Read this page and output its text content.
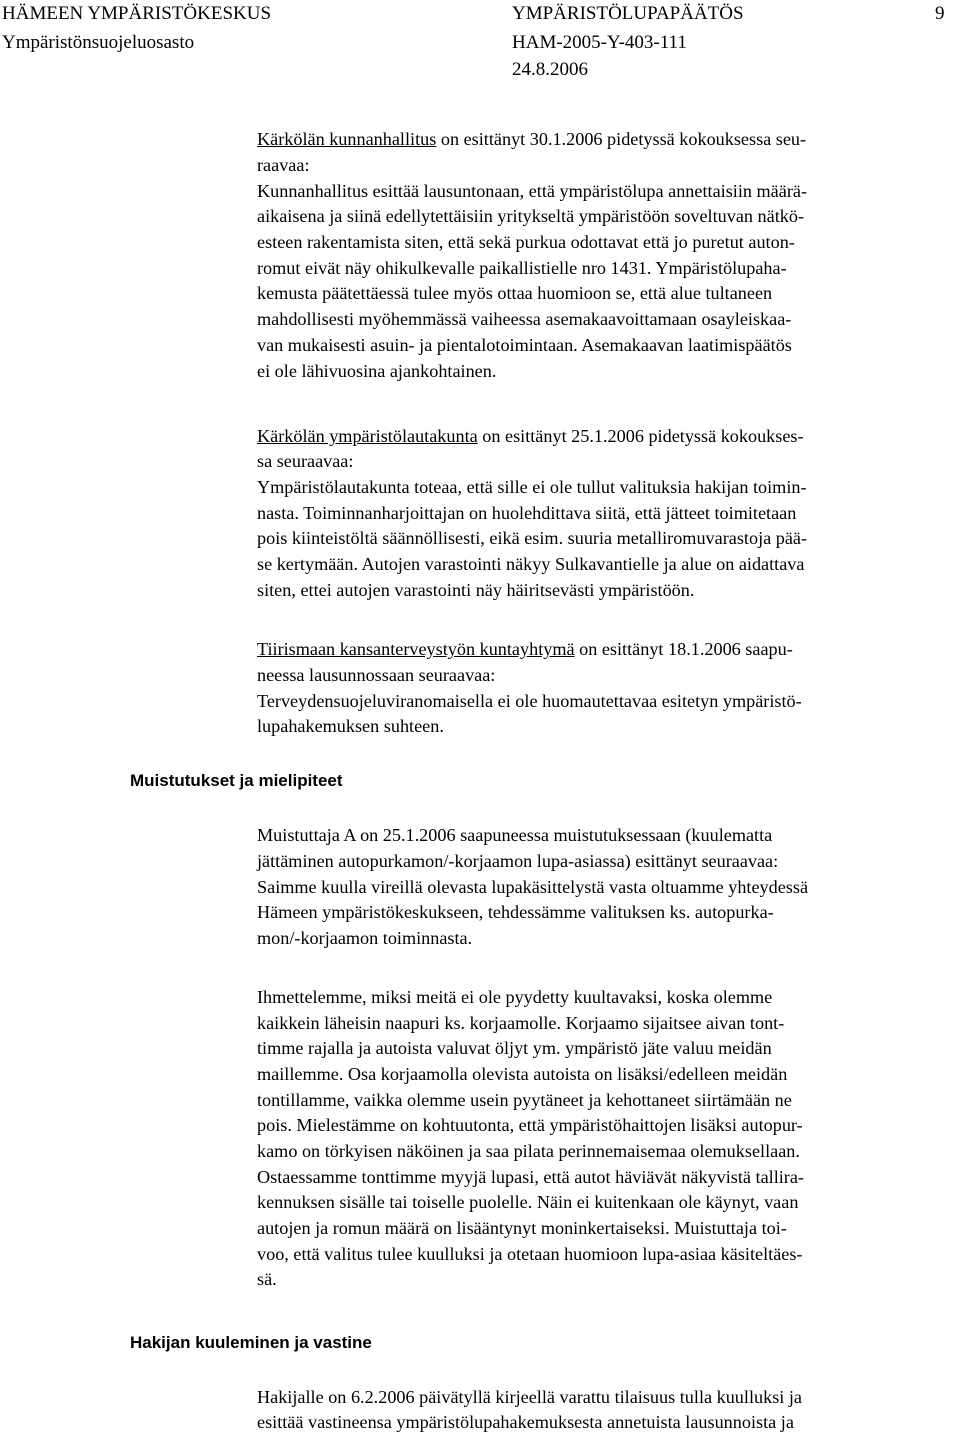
HÄMEEN YMPÄRISTÖKESKUS
Ympäristönsuojeluosasto
YMPÄRISTÖLUPAPÄÄTÖS
HAM-2005-Y-403-111
24.8.2006
9
Kärkölän kunnanhallitus on esittänyt 30.1.2006 pidetyssä kokouksessa seu-
raavaa:
Kunnanhallitus esittää lausuntonaan, että ympäristölupa annettaisiin määrä-
aikaisena ja siinä edellytettäisiin yritykseltä ympäristöön soveltuvan nätkö-
esteen rakentamista siten, että sekä purkua odottavat että jo puretut auton-
romut eivät näy ohikulkevalle paikallistielle nro 1431. Ympäristölupaha-
kemusta päätettäessä tulee myös ottaa huomioon se, että alue tultaneen
mahdollisesti myöhemmässä vaiheessa asemakaavoittamaan osayleiskaa-
van mukaisesti asuin- ja pientalotoimintaan. Asemakaavan laatimispäätös
ei ole lähivuosina ajankohtainen.
Kärkölän ympäristölautakunta on esittänyt 25.1.2006 pidetyssä kokoukses-
sa seuraavaa:
Ympäristölautakunta toteaa, että sille ei ole tullut valituksia hakijan toimin-
nasta. Toiminnanharjoittajan on huolehdittava siitä, että jätteet toimitetaan
pois kiinteistöltä säännöllisesti, eikä esim. suuria metalliromuvarastoja pää-
se kertymään. Autojen varastointi näkyy Sulkavantielle ja alue on aidattava
siten, ettei autojen varastointi näy häiritsevästi ympäristöön.
Tiirismaan kansanterveystyön kuntayhtymä on esittänyt 18.1.2006 saapu-
neessa lausunnossaan seuraavaa:
Terveydensuojeluviranomaisella ei ole huomautettavaa esitetyn ympäristö-
lupahakemuksen suhteen.
Muistutukset ja mielipiteet
Muistuttaja A on 25.1.2006 saapuneessa muistutuksessaan (kuulematta
jättäminen autopurkamon/-korjaamon lupa-asiassa) esittänyt seuraavaa:
Saimme kuulla vireillä olevasta lupakäsittelystä vasta oltuamme yhteydessä
Hämeen ympäristökeskukseen, tehdessämme valituksen ks. autopurka-
mon/-korjaamon toiminnasta.
Ihmettelemme, miksi meitä ei ole pyydetty kuultavaksi, koska olemme
kaikkein läheisin naapuri ks. korjaamolle. Korjaamo sijaitsee aivan tont-
timme rajalla ja autoista valuvat öljyt ym. ympäristö jäte valuu meidän
maillemme. Osa korjaamolla olevista autoista on lisäksi/edelleen meidän
tontillamme, vaikka olemme usein pyytäneet ja kehottaneet siirtämään ne
pois. Mielestämme on kohtuutonta, että ympäristöhaittojen lisäksi autopur-
kamo on törkyisen näköinen ja saa pilata perinnemaisemaa olemuksellaan.
Ostaessamme tonttimme myyjä lupasi, että autot häviävät näkyvistä tallira-
kennuksen sisälle tai toiselle puolelle. Näin ei kuitenkaan ole käynyt, vaan
autojen ja romun määrä on lisääntynyt moninkertaiseksi. Muistuttaja toi-
voo, että valitus tulee kuulluksi ja otetaan huomioon lupa-asiaa käsiteltäes-
sä.
Hakijan kuuleminen ja vastine
Hakijalle on 6.2.2006 päivätyllä kirjeellä varattu tilaisuus tulla kuulluksi ja
esittää vastineensa ympäristölupahakemuksesta annetuista lausunnoista ja
